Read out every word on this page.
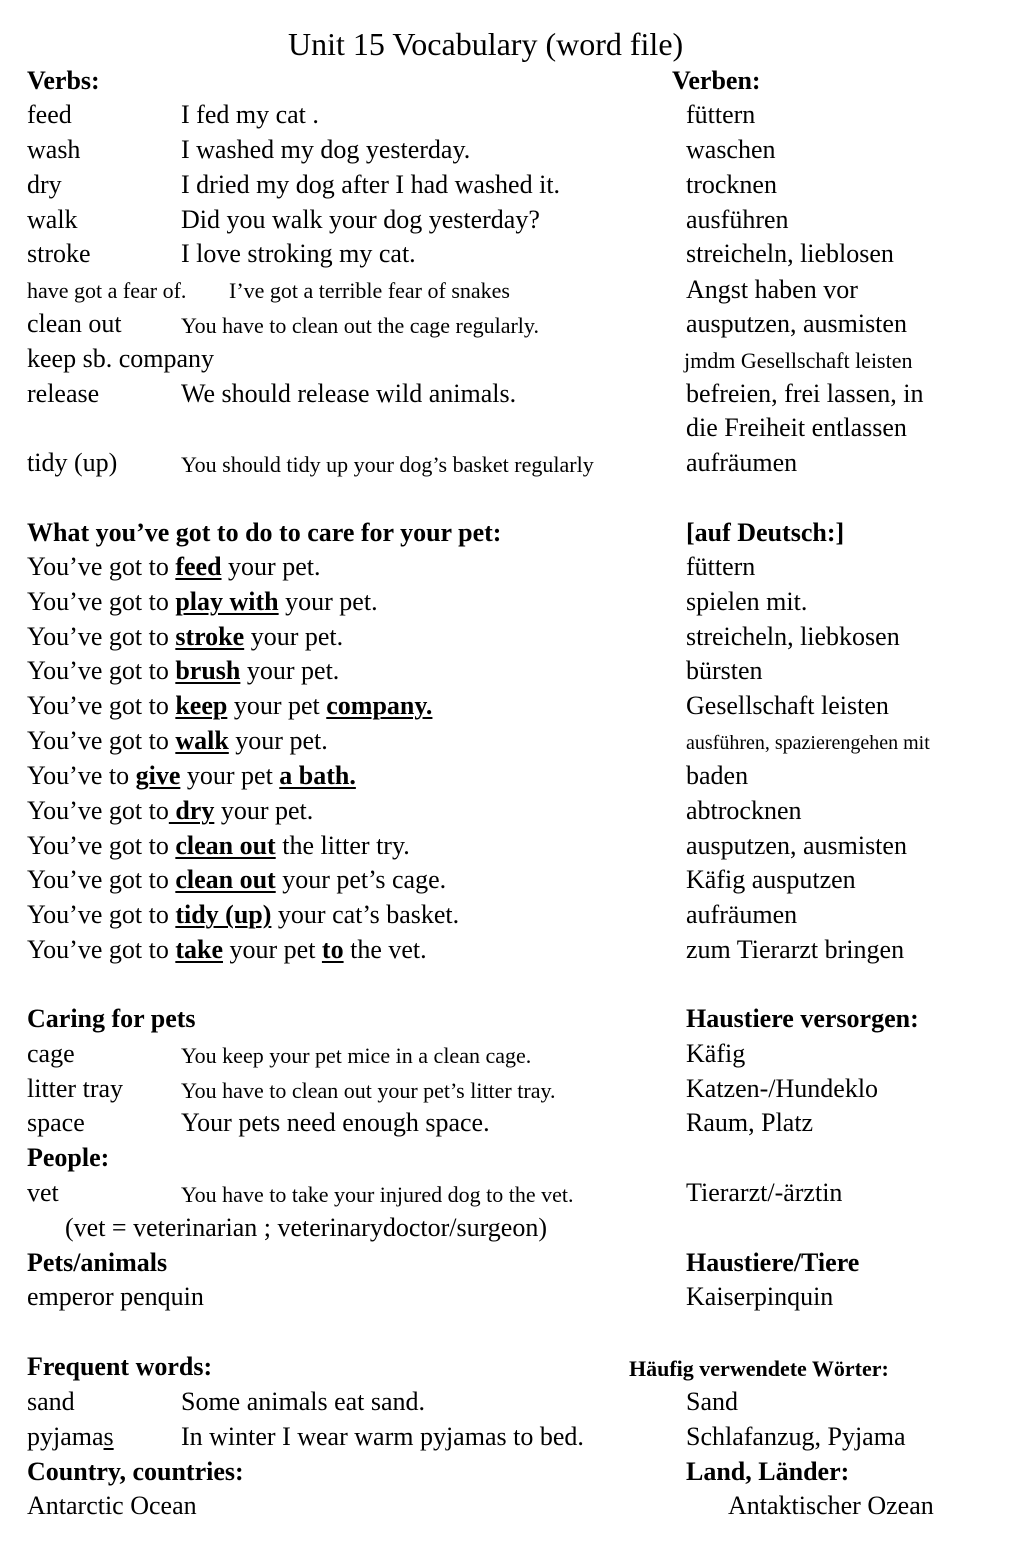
Unit 15 Vocabulary (word file)
Verbs:	Verben:
feed	I fed my cat .	füttern
wash	I washed my dog yesterday.	waschen
dry	I dried my dog after I had washed it.	trocknen
walk	Did you walk your dog yesterday?	ausführen
stroke	I love stroking my cat.	streicheln, lieblosen
have got a fear of. I’ve got a terrible fear of snakes	Angst haben vor
clean out	You have to clean out the cage regularly.	ausputzen, ausmisten
keep sb. company	jmdm Gesellschaft leisten
release	We should release wild animals.	befreien, frei lassen, in
die Freiheit entlassen
tidy (up)	You should tidy up your dog’s basket regularly	aufräumen
What you’ve got to do to care for your pet:	[auf Deutsch:]
You’ve got to feed your pet.	füttern
You’ve got to play with your pet.	spielen mit.
You’ve got to stroke your pet.	streicheln, liebkosen
You’ve got to brush your pet.	bürsten
You’ve got to keep your pet company.	Gesellschaft leisten
You’ve got to walk your pet.	ausführen, spazierengehen mit
You’ve to give your pet a bath.	baden
You’ve got to dry your pet.	abtrocknen
You’ve got to clean out the litter try.	ausputzen, ausmisten
You’ve got to clean out your pet’s cage.	Käfig ausputzen
You’ve got to tidy (up) your cat’s basket.	aufräumen
You’ve got to take your pet to the vet.	zum Tierarzt bringen
Caring for pets	Haustiere versorgen:
cage	You keep your pet mice in a clean cage.	Käfig
litter tray	You have to clean out your pet’s litter tray.	Katzen-/Hundeklo
space	Your pets need enough space.	Raum, Platz
People:
vet	You have to take your injured dog to the vet.	Tierarzt/-ärztin
(vet = veterinarian ; veterinarydoctor/surgeon)
Pets/animals	Haustiere/Tiere
emperor penquin	Kaiserpinquin
Frequent words:	Häufig verwendete Wörter:
sand	Some animals eat sand.	Sand
pyjamas	In winter I wear warm pyjamas to bed.	Schlafanzug, Pyjama
Country, countries:	Land, Länder:
Antarctic Ocean	Antaktischer Ozean
